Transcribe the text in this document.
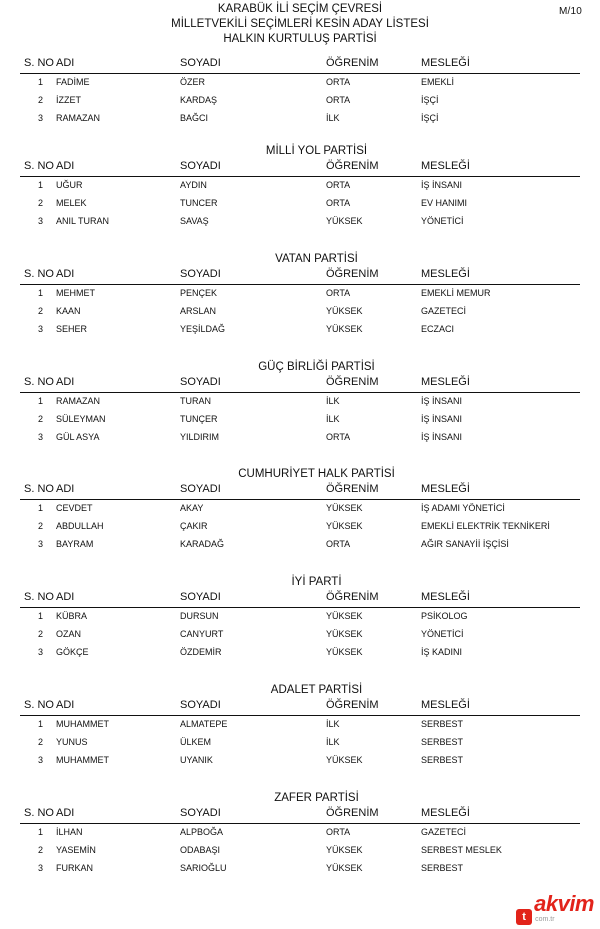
M/10
KARABÜK İLİ SEÇİM ÇEVRESİ
MİLLETVEKİLİ SEÇİMLERİ KESİN ADAY LİSTESİ
HALKIN KURTULUŞ PARTİSİ
S. NO ADI	SOYADI	ÖĞRENİM	MESLEĞİ
1 FADİME	ÖZER	ORTA	EMEKLİ
2 İZZET	KARDAŞ	ORTA	İŞÇİ
3 RAMAZAN	BAĞCI	İLK	İŞÇİ
MİLLİ YOL PARTİSİ
S. NO ADI	SOYADI	ÖĞRENİM	MESLEĞİ
1 UĞUR	AYDIN	ORTA	İŞ İNSANI
2 MELEK	TUNCER	ORTA	EV HANIMI
3 ANIL TURAN	SAVAŞ	YÜKSEK	YÖNETİCİ
VATAN PARTİSİ
S. NO ADI	SOYADI	ÖĞRENİM	MESLEĞİ
1 MEHMET	PENÇEK	ORTA	EMEKLİ MEMUR
2 KAAN	ARSLAN	YÜKSEK	GAZETECİ
3 SEHER	YEŞİLDAĞ	YÜKSEK	ECZACI
GÜÇ BİRLİĞİ PARTİSİ
S. NO ADI	SOYADI	ÖĞRENİM	MESLEĞİ
1 RAMAZAN	TURAN	İLK	İŞ İNSANI
2 SÜLEYMAN	TUNÇER	İLK	İŞ İNSANI
3 GÜL ASYA	YILDIRIM	ORTA	İŞ İNSANI
CUMHURİYET HALK PARTİSİ
S. NO ADI	SOYADI	ÖĞRENİM	MESLEĞİ
1 CEVDET	AKAY	YÜKSEK	İŞ ADAMI YÖNETİCİ
2 ABDULLAH	ÇAKIR	YÜKSEK	EMEKLİ ELEKTRİK TEKNİKERİ
3 BAYRAM	KARADAĞ	ORTA	AĞIR SANAYİİ İŞÇİSİ
İYİ PARTİ
S. NO ADI	SOYADI	ÖĞRENİM	MESLEĞİ
1 KÜBRA	DURSUN	YÜKSEK	PSİKOLOG
2 OZAN	CANYURT	YÜKSEK	YÖNETİCİ
3 GÖKÇE	ÖZDEMİR	YÜKSEK	İŞ KADINI
ADALET PARTİSİ
S. NO ADI	SOYADI	ÖĞRENİM	MESLEĞİ
1 MUHAMMET	ALMATEPE	İLK	SERBEST
2 YUNUS	ÜLKEM	İLK	SERBEST
3 MUHAMMET	UYANIK	YÜKSEK	SERBEST
ZAFER PARTİSİ
S. NO ADI	SOYADI	ÖĞRENİM	MESLEĞİ
1 İLHAN	ALPBOĞA	ORTA	GAZETECİ
2 YASEMİN	ODABAŞI	YÜKSEK	SERBEST MESLEK
3 FURKAN	SARIOĞLU	YÜKSEK	SERBEST
t
akvim
com.tr
